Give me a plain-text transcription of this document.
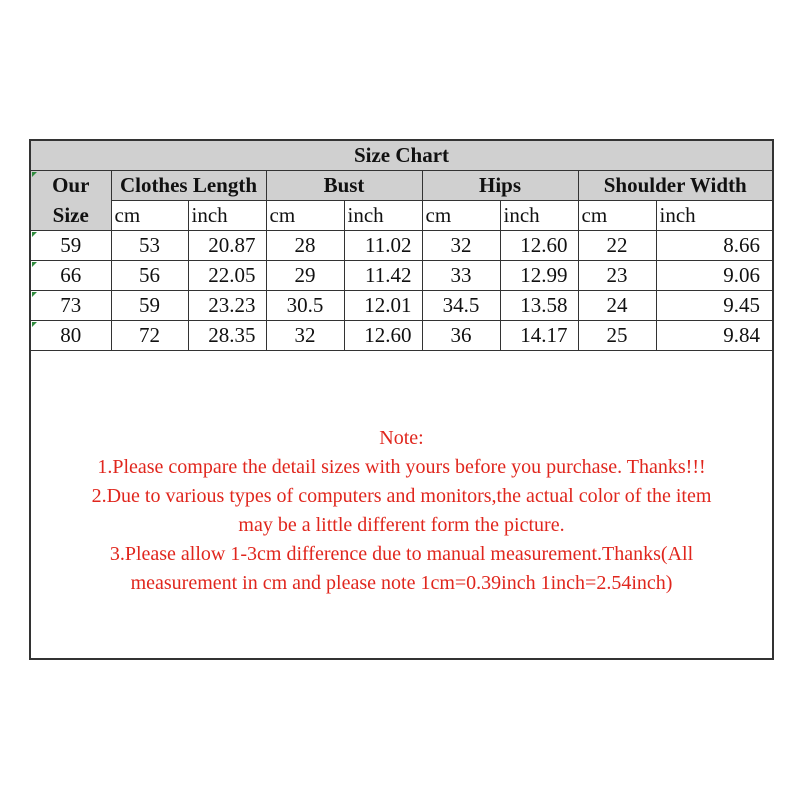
Size Chart								
Our	Clothes Length		Bust		Hips		Shoulder Width	
Size	cm	inch	cm	inch	cm	inch	cm	inch
59	53	20.87	28	11.02	32	12.60	22	8.66
66	56	22.05	29	11.42	33	12.99	23	9.06
73	59	23.23	30.5	12.01	34.5	13.58	24	9.45
80	72	28.35	32	12.60	36	14.17	25	9.84
Note:
1.Please compare the detail sizes with yours before you purchase. Thanks!!!
2.Due to various types of computers and monitors,the actual color of the item
may be a little different form the picture.
3.Please allow 1-3cm difference due to manual measurement.Thanks(All
measurement in cm and please note 1cm=0.39inch 1inch=2.54inch)
